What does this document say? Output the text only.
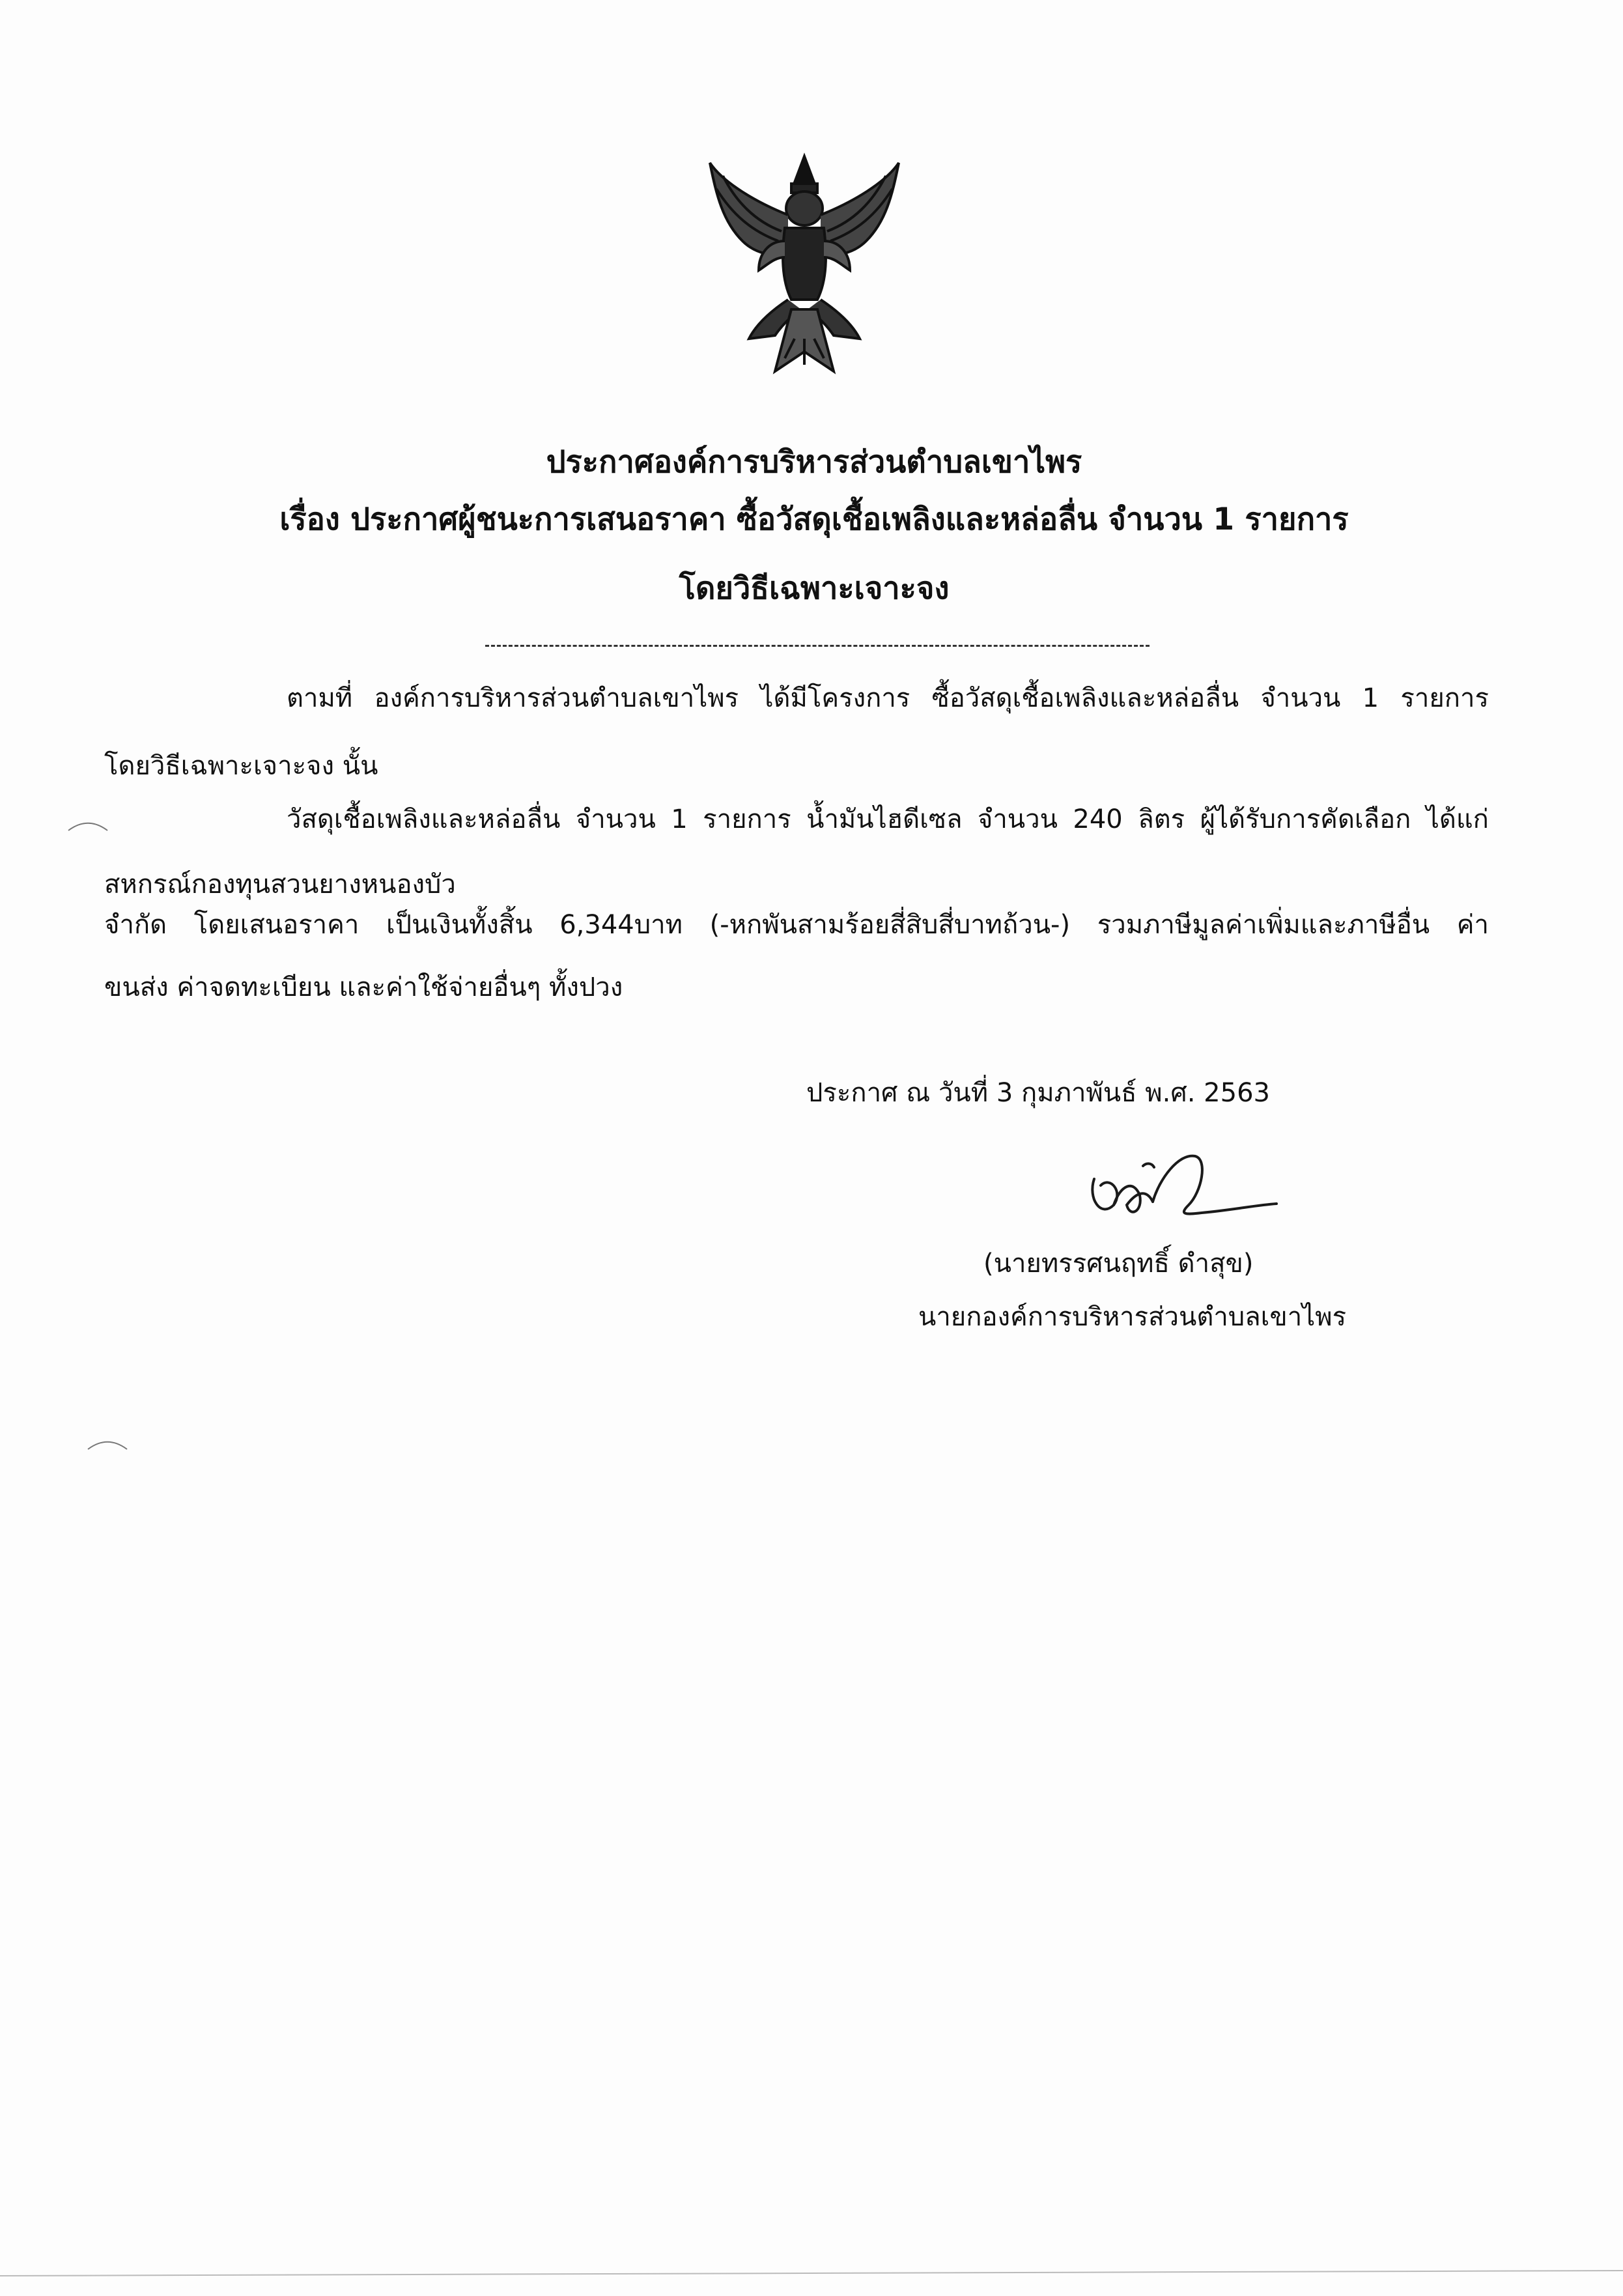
ประกาศองค์การบริหารส่วนตำบลเขาไพร
เรื่อง ประกาศผู้ชนะการเสนอราคา ซื้อวัสดุเชื้อเพลิงและหล่อลื่น จำนวน 1 รายการ
โดยวิธีเฉพาะเจาะจง
ตามที่ องค์การบริหารส่วนตำบลเขาไพร ได้มีโครงการ ซื้อวัสดุเชื้อเพลิงและหล่อลื่น จำนวน 1 รายการ
โดยวิธีเฉพาะเจาะจง นั้น
วัสดุเชื้อเพลิงและหล่อลื่น จำนวน 1 รายการ น้ำมันไฮดีเซล จำนวน 240 ลิตร ผู้ได้รับการคัดเลือก ได้แก่
สหกรณ์กองทุนสวนยางหนองบัว
จำกัด โดยเสนอราคา เป็นเงินทั้งสิ้น 6,344บาท (-หกพันสามร้อยสี่สิบสี่บาทถ้วน-) รวมภาษีมูลค่าเพิ่มและภาษีอื่น ค่า
ขนส่ง ค่าจดทะเบียน และค่าใช้จ่ายอื่นๆ ทั้งปวง
ประกาศ ณ วันที่ 3 กุมภาพันธ์ พ.ศ. 2563
(นายทรรศนฤทธิ์ ดำสุข)
นายกองค์การบริหารส่วนตำบลเขาไพร
